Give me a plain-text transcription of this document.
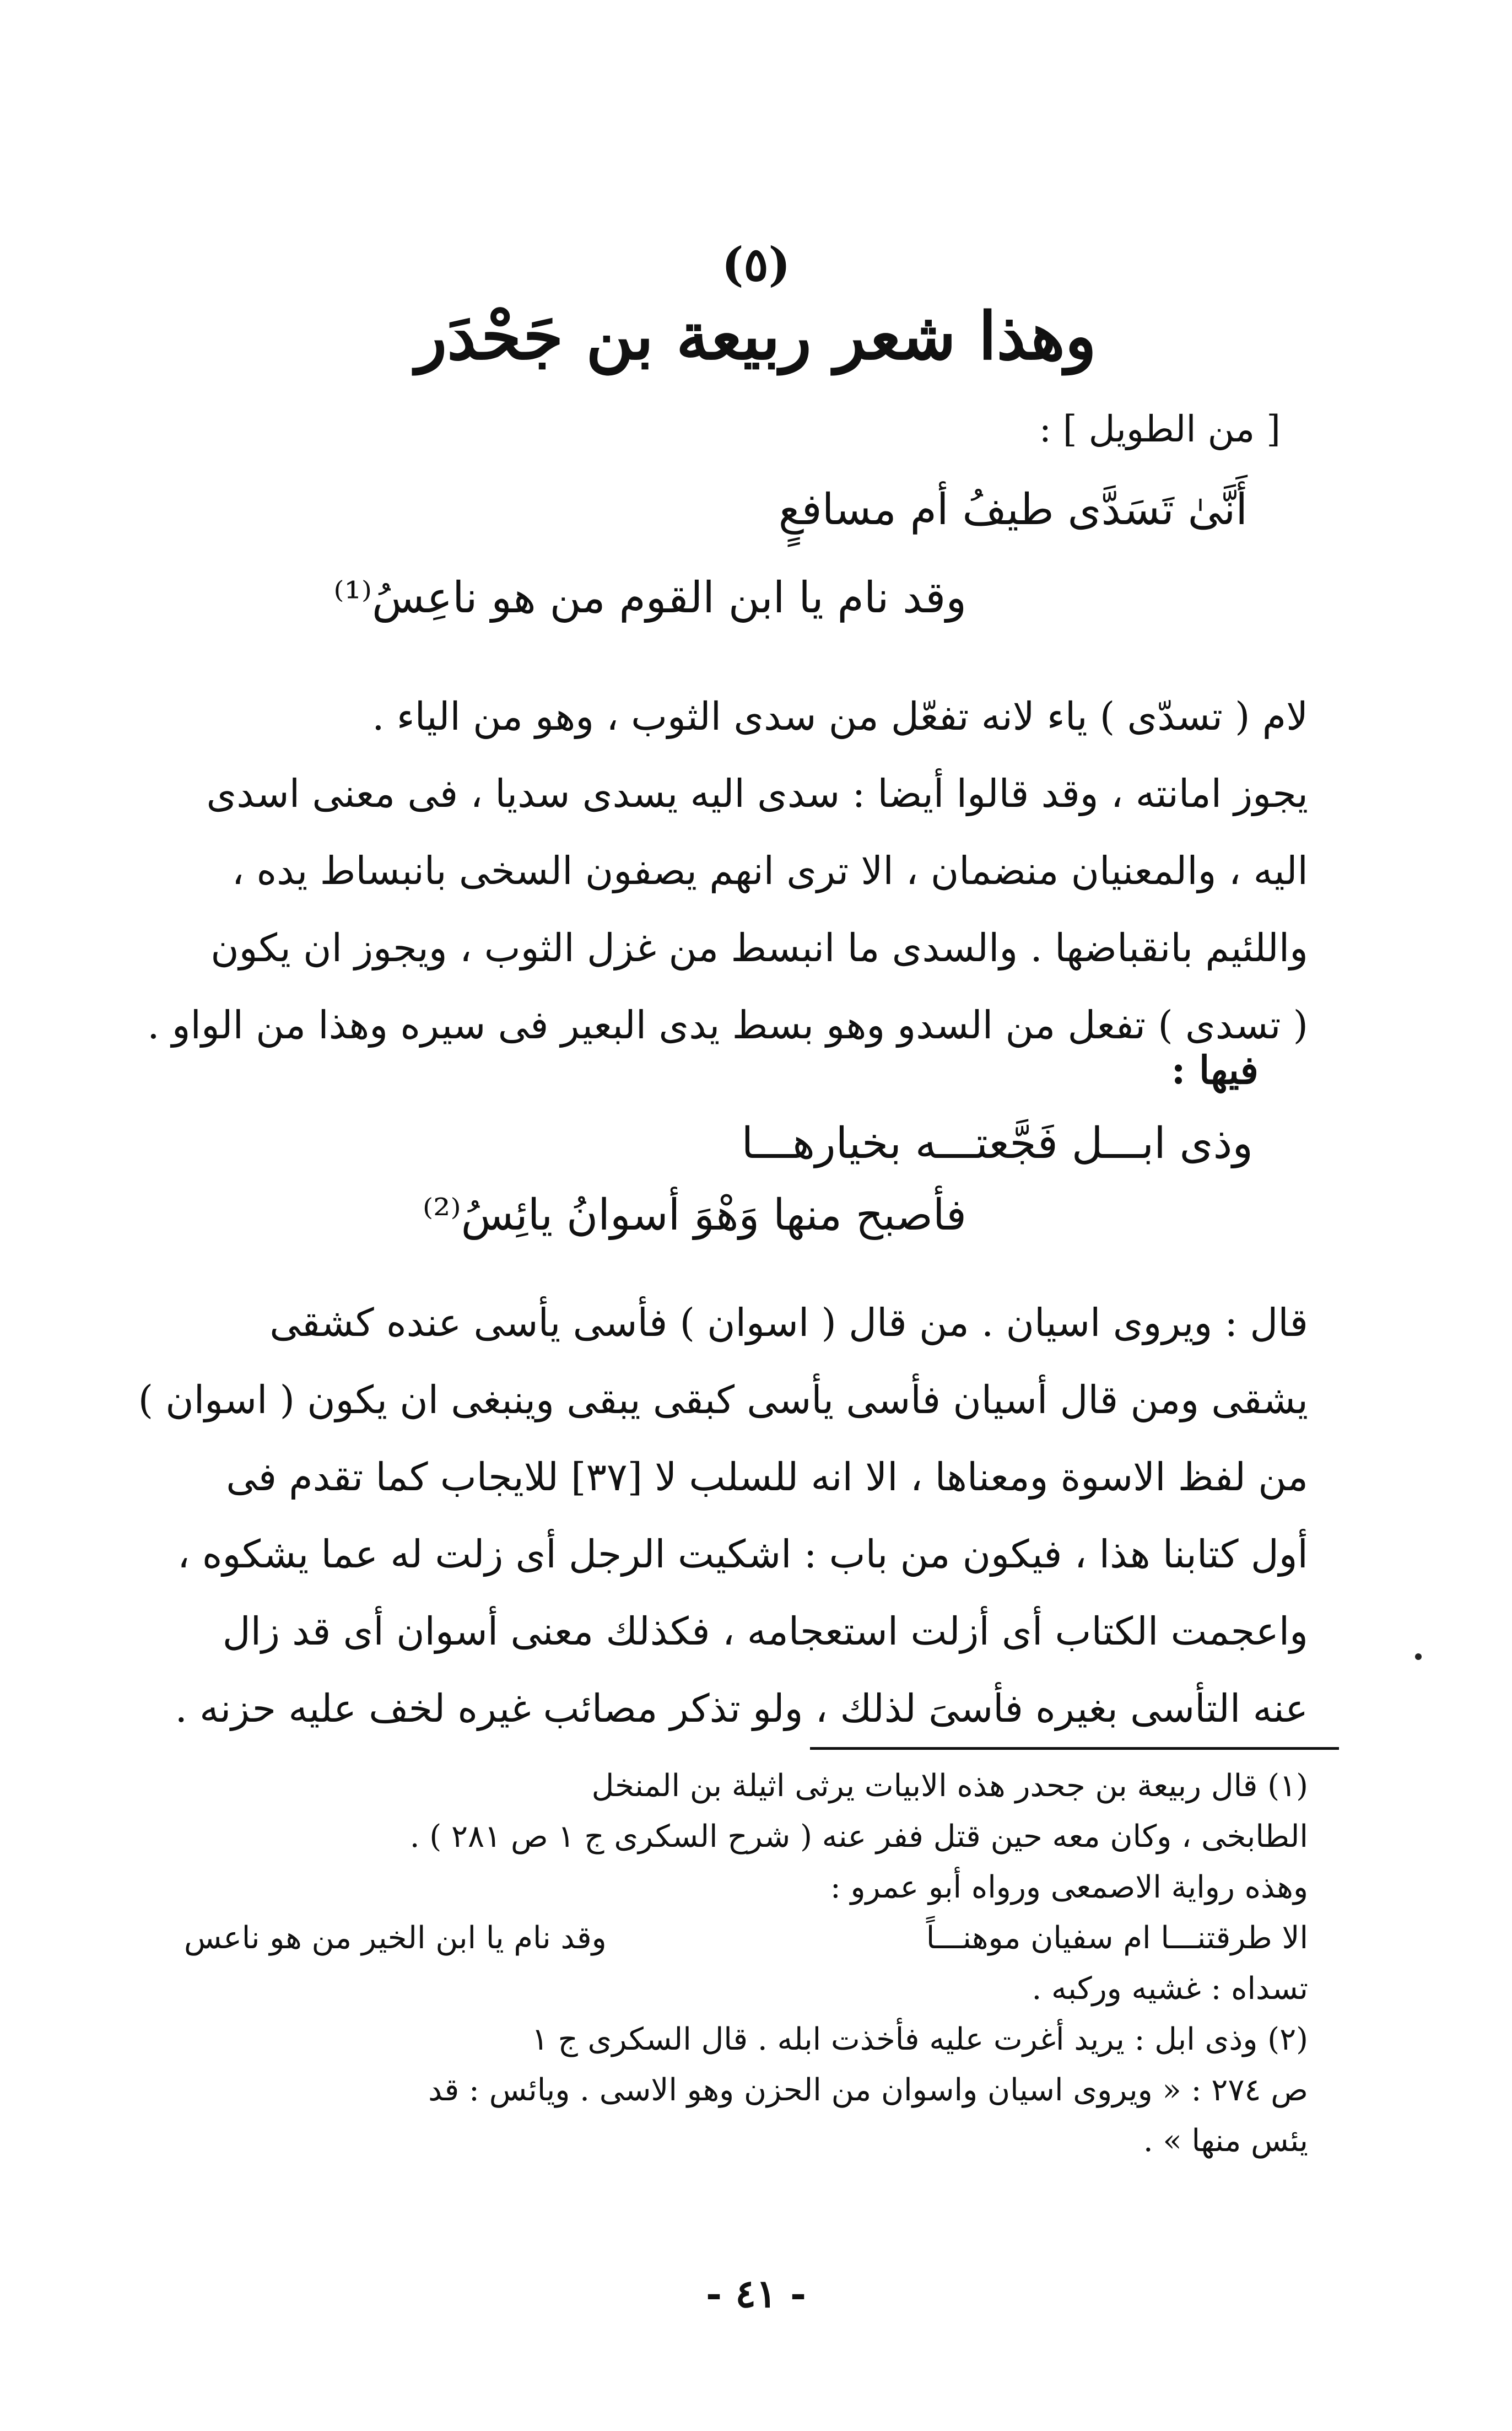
(٥)
وهذا شعر ربيعة بن جَحْدَر
[ من الطويل ] :
أَنَّىٰ تَسَدَّى طيفُ أم مسافعٍ
وقد نام يا ابن القوم من هو ناعِسُ⁽¹⁾

لام ( تسدّى ) ياء لانه تفعّل من سدى الثوب ، وهو من الياء .

يجوز امانته ، وقد قالوا أيضا : سدى اليه يسدى سديا ، فى معنى اسدى

اليه ، والمعنيان منضمان ، الا ترى انهم يصفون السخى بانبساط يده ،

واللئيم بانقباضها . والسدى ما انبسط من غزل الثوب ، ويجوز ان يكون

( تسدى ) تفعل من السدو وهو بسط يدى البعير فى سيره وهذا من الواو .

فيها :
وذى ابـــل فَجَّعتـــه بخيارهـــا
فأصبح منها وَهْوَ أسوانُ يائِسُ⁽²⁾

قال : ويروى اسيان . من قال ( اسوان ) فأسى يأسى عنده كشقى

يشقى ومن قال أسيان فأسى يأسى كبقى يبقى وينبغى ان يكون ( اسوان )

من لفظ الاسوة ومعناها ، الا انه للسلب لا [٣٧] للايجاب كما تقدم فى

أول كتابنا هذا ، فيكون من باب : اشكيت الرجل أى زلت له عما يشكوه ،

واعجمت الكتاب أى أزلت استعجامه ، فكذلك معنى أسوان أى قد زال

عنه التأسى بغيره فأسىَ لذلك ، ولو تذكر مصائب غيره لخف عليه حزنه .

(١) قال ربيعة بن جحدر هذه الابيات يرثى اثيلة بن المنخل

الطابخى ، وكان معه حين قتل ففر عنه ( شرح السكرى ج ١ ص ٢٨١ ) .

وهذه رواية الاصمعى ورواه أبو عمرو :

الا طرقتنـــا ام سفيان موهنـــاً
وقد نام يا ابن الخير من هو ناعس

تسداه : غشيه وركبه .

(٢) وذى ابل : يريد أغرت عليه فأخذت ابله . قال السكرى ج ١

ص ٢٧٤ : « ويروى اسيان واسوان من الحزن وهو الاسى . ويائس : قد

يئس منها » .

- ٤١ -
